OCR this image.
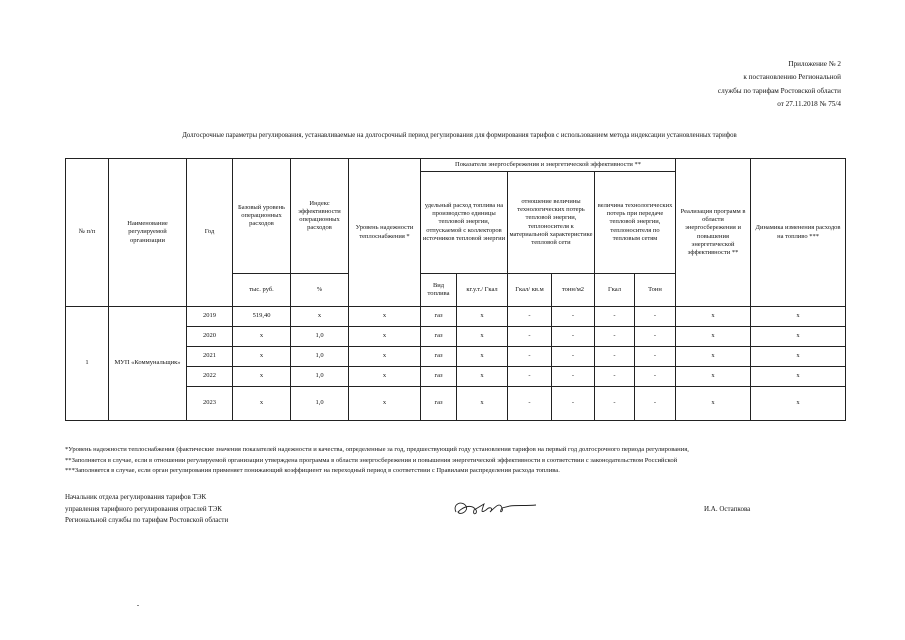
Приложение № 2
к постановлению Региональной
службы по тарифам Ростовской области
от 27.11.2018 № 75/4
Долгосрочные параметры регулирования, устанавливаемые на долгосрочный период регулирования для формирования тарифов с использованием метода индексации установленных тарифов
№ п/п	Наименование регулируемой организации	Год	Базовый уровень операционных расходов	Индекс эффективности операционных расходов	Уровень надежности теплоснабжения *	Показатели энергосбережения и энергетической эффективности **						Реализация программ в области энергосбережения и повышения энергетической эффективности **	Динамика изменения расходов на топливо ***
						удельный расход топлива на производство единицы тепловой энергии, отпускаемой с коллекторов источников тепловой энергии		отношение величины технологических потерь тепловой энергии, теплоносителя к материальной характеристике тепловой сети		величина технологических потерь при передаче тепловой энергии, теплоносителя по тепловым сетям			
			тыс. руб.	%		Вид топлива	кг.у.т./ Гкал	Гкал/ кв.м	тонн/м2	Гкал	Тонн		
1	МУП «Коммунальщик»	2019	519,40	х	х	газ	х	-	-	-	-	х	х
		2020	х	1,0	х	газ	х	-	-	-	-	х	х
		2021	х	1,0	х	газ	х	-	-	-	-	х	х
		2022	х	1,0	х	газ	х	-	-	-	-	х	х
		2023	х	1,0	х	газ	х	-	-	-	-	х	х
*Уровень надежности теплоснабжения (фактические значения показателей надежности и качества, определенные за год, предшествующий году установления тарифов на первый год долгосрочного периода регулирования,
**Заполняется в случае, если в отношении регулируемой организации утверждена программа в области энергосбережения и повышения энергетической эффективности в соответствии с законодательством Российской
***Заполняется в случае, если орган регулирования применяет понижающий коэффициент на переходный период в соответствии с Правилами распределения расхода топлива.
Начальник отдела регулирования тарифов ТЭК
управления тарифного регулирования отраслей ТЭК
Региональной службы по тарифам Ростовской области
И.А. Остапкова
